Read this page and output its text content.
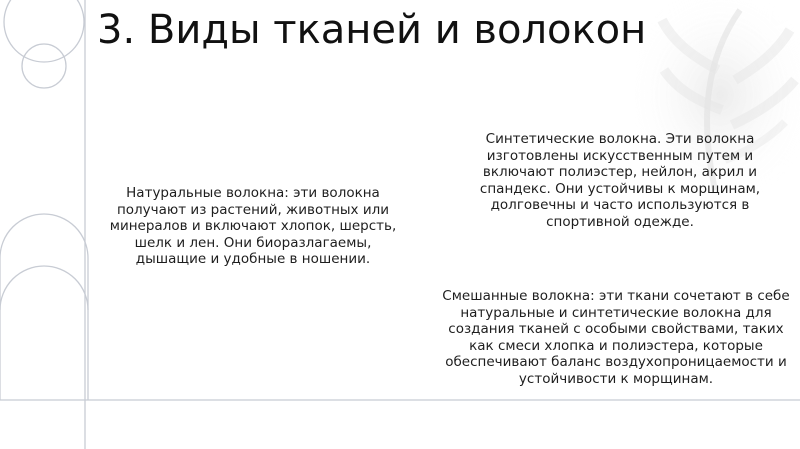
3. Виды тканей и волокон

Натуральные волокна: эти волокна получают из растений, животных или минералов и включают хлопок, шерсть, шелк и лен. Они биоразлагаемы, дышащие и удобные в ношении.

Синтетические волокна. Эти волокна изготовлены искусственным путем и включают полиэстер, нейлон, акрил и спандекс. Они устойчивы к морщинам, долговечны и часто используются в спортивной одежде.

Смешанные волокна: эти ткани сочетают в себе натуральные и синтетические волокна для создания тканей с особыми свойствами, таких как смеси хлопка и полиэстера, которые обеспечивают баланс воздухопроницаемости и устойчивости к морщинам.
